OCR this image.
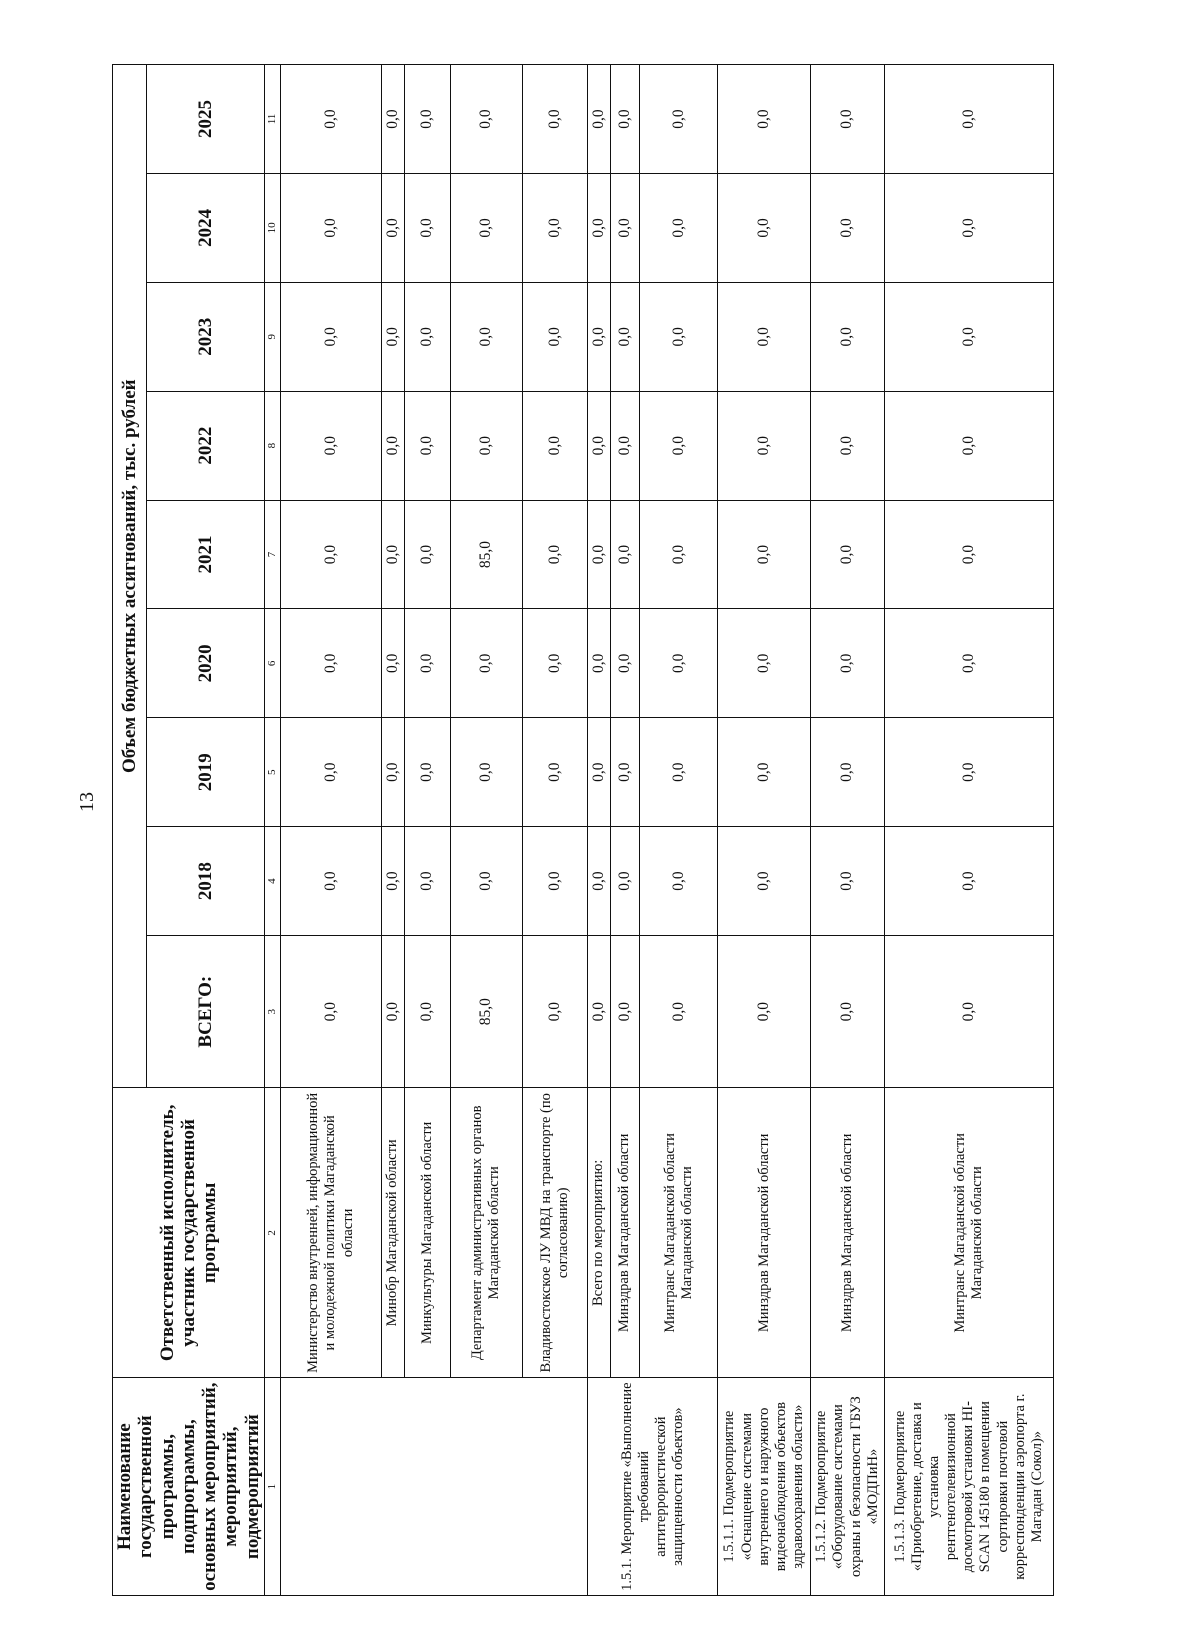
13
Наименование государственной программы, подпрограммы, основных мероприятий, мероприятий, подмероприятий	Ответственный исполнитель, участник государственной программы	Объем бюджетных ассигнований, тыс. рублей								
		ВСЕГО:	2018	2019	2020	2021	2022	2023	2024	2025
1	2	3	4	5	6	7	8	9	10	11
	Министерство внутренней, информационной и молодежной политики Магаданской области	0,0	0,0	0,0	0,0	0,0	0,0	0,0	0,0	0,0
	Минобр Магаданской области	0,0	0,0	0,0	0,0	0,0	0,0	0,0	0,0	0,0
	Минкультуры Магаданской области	0,0	0,0	0,0	0,0	0,0	0,0	0,0	0,0	0,0
	Департамент административных органов Магаданской области	85,0	0,0	0,0	0,0	85,0	0,0	0,0	0,0	0,0
	Владивостокское ЛУ МВД на транспорте (по согласованию)	0,0	0,0	0,0	0,0	0,0	0,0	0,0	0,0	0,0
1.5.1. Мероприятие «Выполнение требований антитеррористической защищенности объектов»	Всего по мероприятию:	0,0	0,0	0,0	0,0	0,0	0,0	0,0	0,0	0,0
	Минздрав Магаданской области	0,0	0,0	0,0	0,0	0,0	0,0	0,0	0,0	0,0
	Минтранс Магаданской области Магаданской области	0,0	0,0	0,0	0,0	0,0	0,0	0,0	0,0	0,0
1.5.1.1. Подмероприятие «Оснащение системами внутреннего и наружного видеонаблюдения объектов здравоохранения области»	Минздрав Магаданской области	0,0	0,0	0,0	0,0	0,0	0,0	0,0	0,0	0,0
1.5.1.2. Подмероприятие «Оборудование системами охраны и безопасности ГБУЗ «МОДПиН»	Минздрав Магаданской области	0,0	0,0	0,0	0,0	0,0	0,0	0,0	0,0	0,0
1.5.1.3. Подмероприятие «Приобретение, доставка и установка рентгенотелевизионной досмотровой установки HI-SCAN 145180 в помещении сортировки почтовой корреспонденции аэропорта г. Магадан (Сокол)»	Минтранс Магаданской области Магаданской области	0,0	0,0	0,0	0,0	0,0	0,0	0,0	0,0	0,0
